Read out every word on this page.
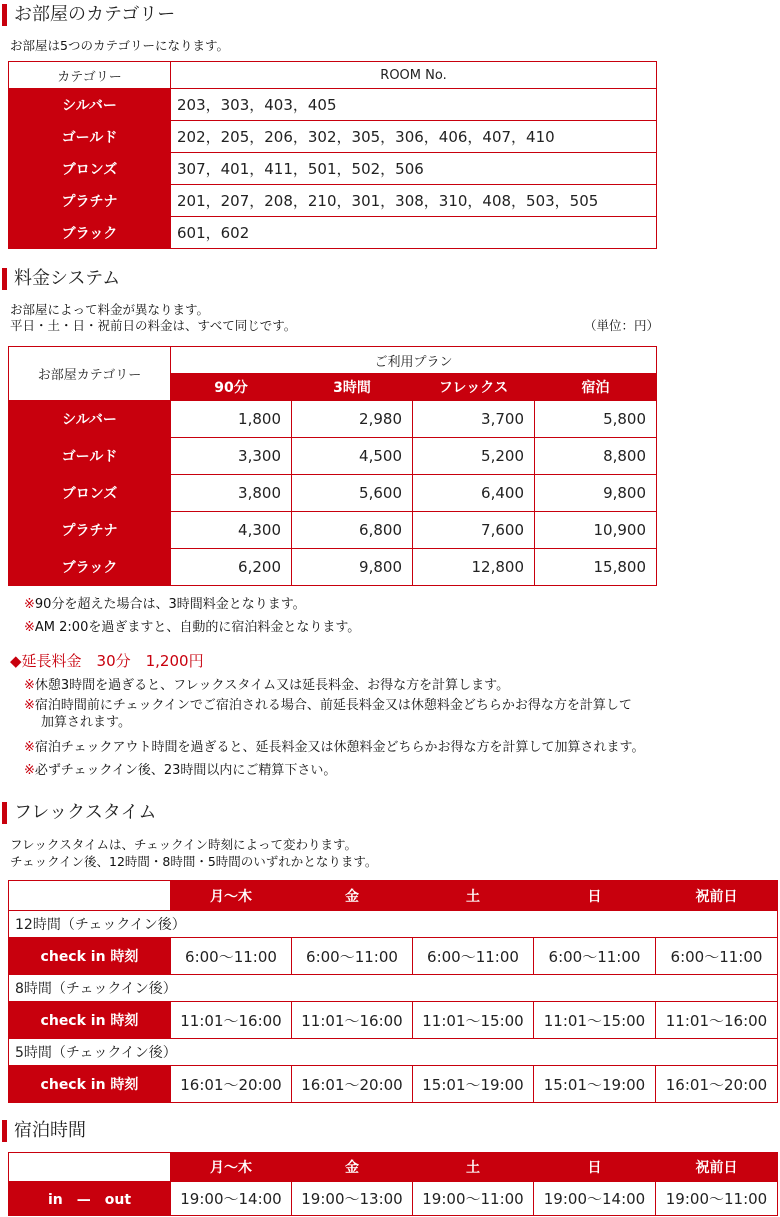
お部屋のカテゴリー
お部屋は5つのカテゴリーになります。
カテゴリー	ROOM No.
シルバー	203，303，403，405
ゴールド	202，205，206，302，305，306，406，407，410
ブロンズ	307，401，411，501，502，506
プラチナ	201，207，208，210，301，308，310，408，503，505
ブラック	601，602
料金システム
お部屋によって料金が異なります。
平日・土・日・祝前日の料金は、すべて同じです。	（単位：円）
お部屋カテゴリー	ご利用プラン			
	90分	3時間	フレックス	宿泊
シルバー	1,800	2,980	3,700	5,800
ゴールド	3,300	4,500	5,200	8,800
ブロンズ	3,800	5,600	6,400	9,800
プラチナ	4,300	6,800	7,600	10,900
ブラック	6,200	9,800	12,800	15,800
※90分を超えた場合は、3時間料金となります。
※AM 2:00を過ぎますと、自動的に宿泊料金となります。
◆延長料金　30分　1,200円
※休憩3時間を過ぎると、フレックスタイム又は延長料金、お得な方を計算します。
※宿泊時間前にチェックインでご宿泊される場合、前延長料金又は休憩料金どちらかお得な方を計算して
加算されます。
※宿泊チェックアウト時間を過ぎると、延長料金又は休憩料金どちらかお得な方を計算して加算されます。
※必ずチェックイン後、23時間以内にご精算下さい。
フレックスタイム
フレックスタイムは、チェックイン時刻によって変わります。
チェックイン後、12時間・8時間・5時間のいずれかとなります。
	月～木	金	土	日	祝前日
12時間（チェックイン後）					
check in 時刻	6:00～11:00	6:00～11:00	6:00～11:00	6:00～11:00	6:00～11:00
8時間（チェックイン後）					
check in 時刻	11:01～16:00	11:01～16:00	11:01～15:00	11:01～15:00	11:01～16:00
5時間（チェックイン後）					
check in 時刻	16:01～20:00	16:01～20:00	15:01～19:00	15:01～19:00	16:01～20:00
宿泊時間
	月～木	金	土	日	祝前日
in　—　out	19:00～14:00	19:00～13:00	19:00～11:00	19:00～14:00	19:00～11:00
